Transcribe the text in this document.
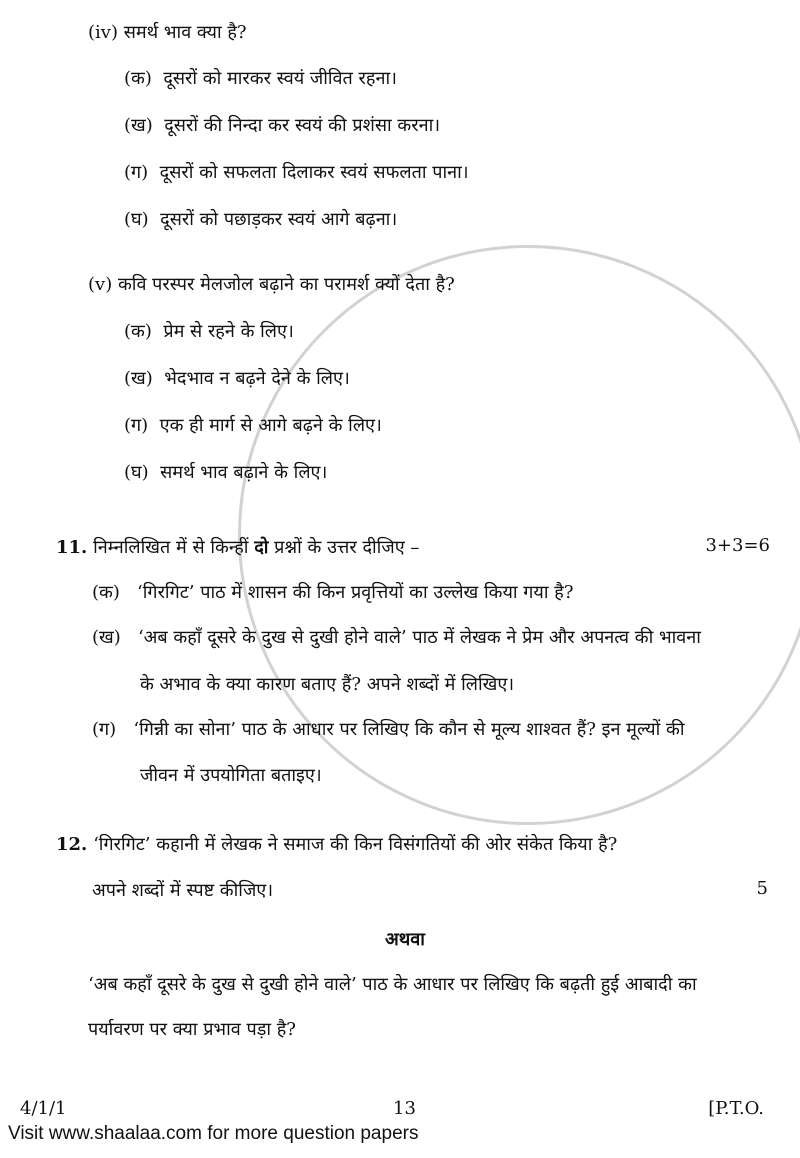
(iv) समर्थ भाव क्या है?
(क) दूसरों को मारकर स्वयं जीवित रहना।
(ख) दूसरों की निन्दा कर स्वयं की प्रशंसा करना।
(ग) दूसरों को सफलता दिलाकर स्वयं सफलता पाना।
(घ) दूसरों को पछाड़कर स्वयं आगे बढ़ना।
(v) कवि परस्पर मेलजोल बढ़ाने का परामर्श क्यों देता है?
(क) प्रेम से रहने के लिए।
(ख) भेदभाव न बढ़ने देने के लिए।
(ग) एक ही मार्ग से आगे बढ़ने के लिए।
(घ) समर्थ भाव बढ़ाने के लिए।
11. निम्नलिखित में से किन्हीं दो प्रश्नों के उत्तर दीजिए –	3+3=6
(क) ‘गिरगिट’ पाठ में शासन की किन प्रवृत्तियों का उल्लेख किया गया है?
(ख) ‘अब कहाँ दूसरे के दुख से दुखी होने वाले’ पाठ में लेखक ने प्रेम और अपनत्व की भावना
के अभाव के क्या कारण बताए हैं? अपने शब्दों में लिखिए।
(ग) ‘गिन्नी का सोना’ पाठ के आधार पर लिखिए कि कौन से मूल्य शाश्वत हैं? इन मूल्यों की
जीवन में उपयोगिता बताइए।
12. ‘गिरगिट’ कहानी में लेखक ने समाज की किन विसंगतियों की ओर संकेत किया है?
अपने शब्दों में स्पष्ट कीजिए।	5
अथवा
‘अब कहाँ दूसरे के दुख से दुखी होने वाले’ पाठ के आधार पर लिखिए कि बढ़ती हुई आबादी का
पर्यावरण पर क्या प्रभाव पड़ा है?
4/1/1	13	[P.T.O.
Visit www.shaalaa.com for more question papers
